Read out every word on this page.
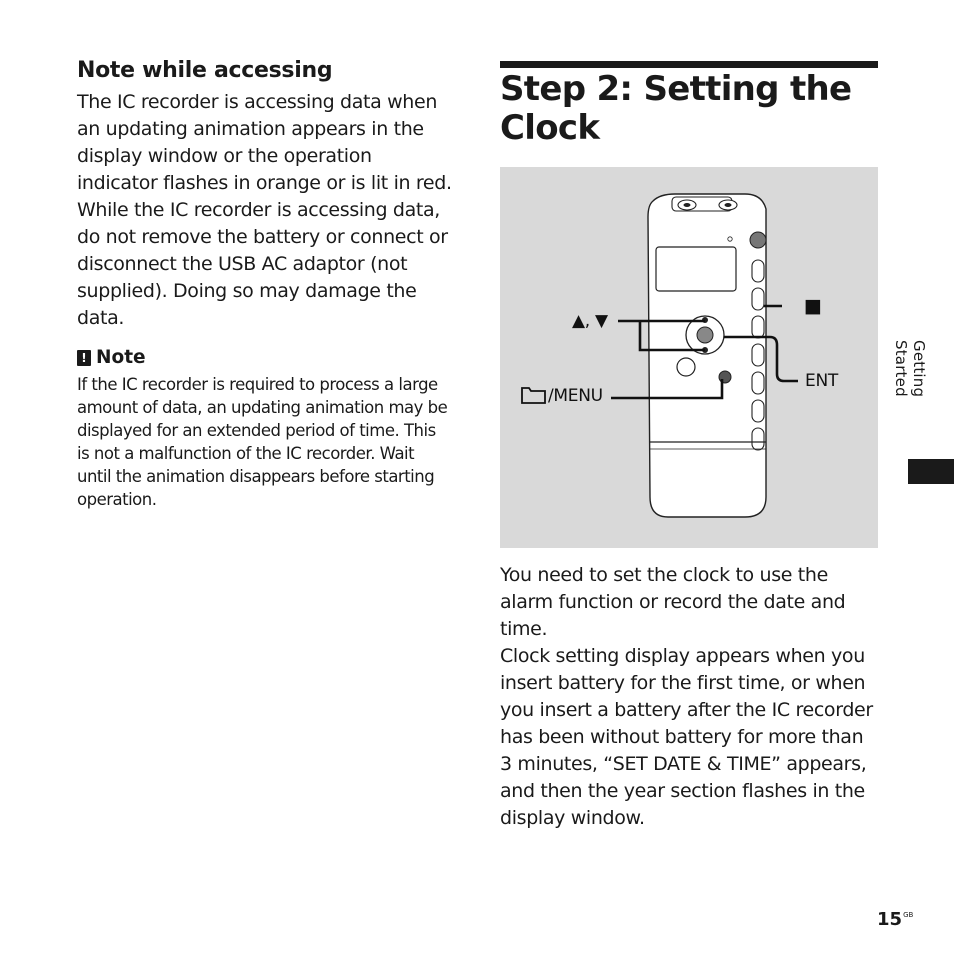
Note while accessing
The IC recorder is accessing data when an updating animation appears in the display window or the operation indicator flashes in orange or is lit in red. While the IC recorder is accessing data, do not remove the battery or connect or disconnect the USB AC adaptor (not supplied). Doing so may damage the data.
! Note
If the IC recorder is required to process a large amount of data, an updating animation may be displayed for an extended period of time. This is not a malfunction of the IC recorder. Wait until the animation disappears before starting operation.
Step 2: Setting the Clock
▲, ▼
■
ENT
/MENU

You need to set the clock to use the alarm function or record the date and time.

Clock setting display appears when you insert battery for the first time, or when you insert a battery after the IC recorder has been without battery for more than 3 minutes, “SET DATE & TIME” appears, and then the year section flashes in the display window.

Getting Started
$15^{GB}$
